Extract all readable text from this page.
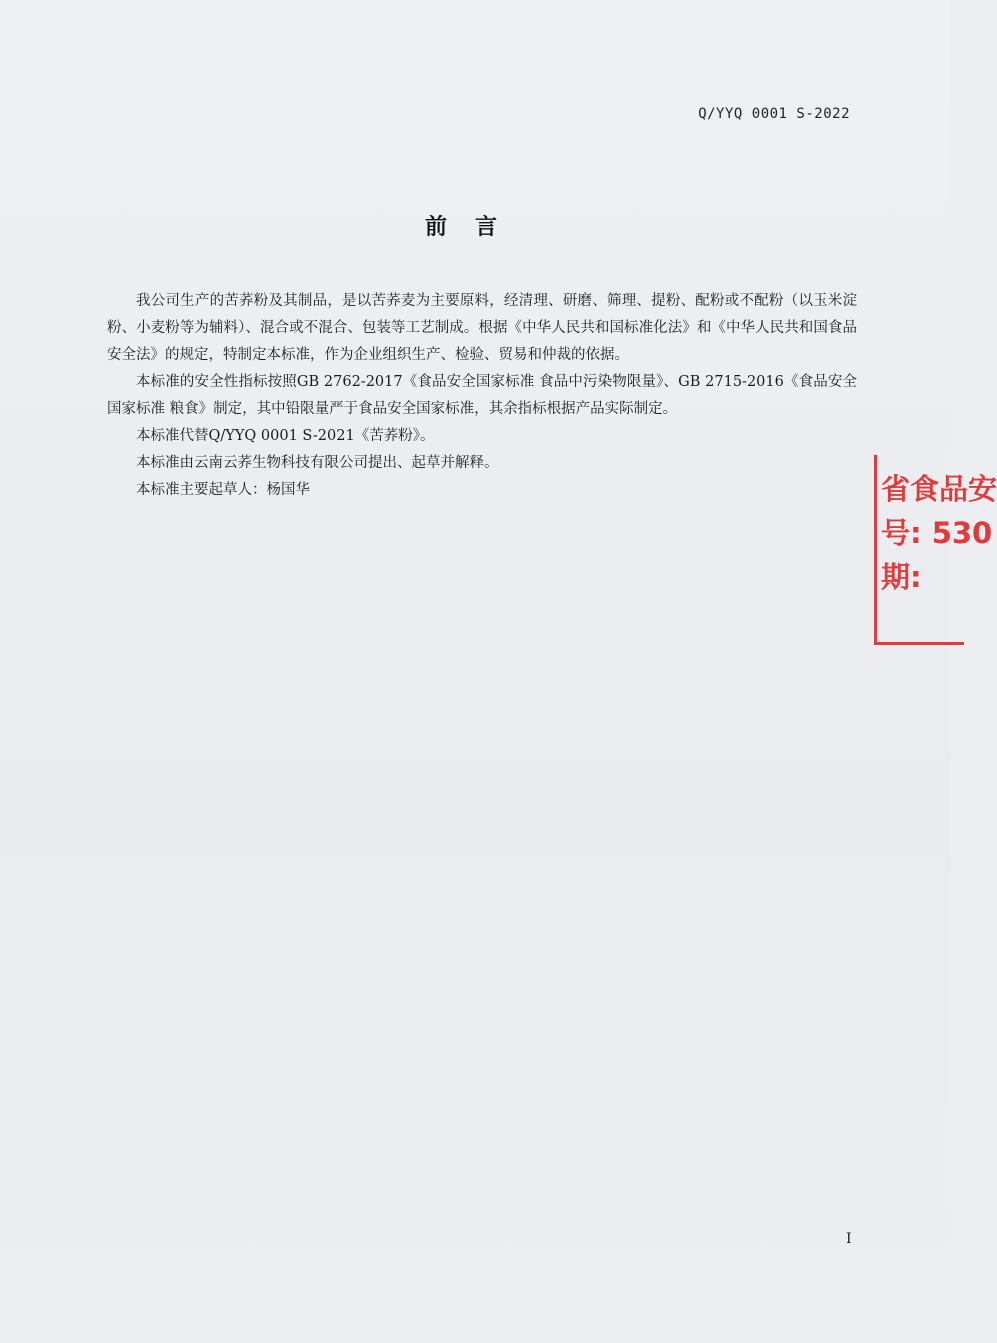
Q/YYQ 0001 S-2022
前言

我公司生产的苦荞粉及其制品，是以苦荞麦为主要原料，经清理、研磨、筛理、提粉、配粉或不配粉（以玉米淀粉、小麦粉等为辅料）、混合或不混合、包装等工艺制成。根据《中华人民共和国标准化法》和《中华人民共和国食品安全法》的规定，特制定本标准，作为企业组织生产、检验、贸易和仲裁的依据。

本标准的安全性指标按照GB 2762-2017《食品安全国家标准 食品中污染物限量》、GB 2715-2016《食品安全国家标准 粮食》制定，其中铅限量严于食品安全国家标准，其余指标根据产品实际制定。

本标准代替Q/YYQ 0001 S-2021《苦荞粉》。

本标准由云南云荞生物科技有限公司提出、起草并解释。

本标准主要起草人：杨国华	省食品安
号: 530
期:
I
